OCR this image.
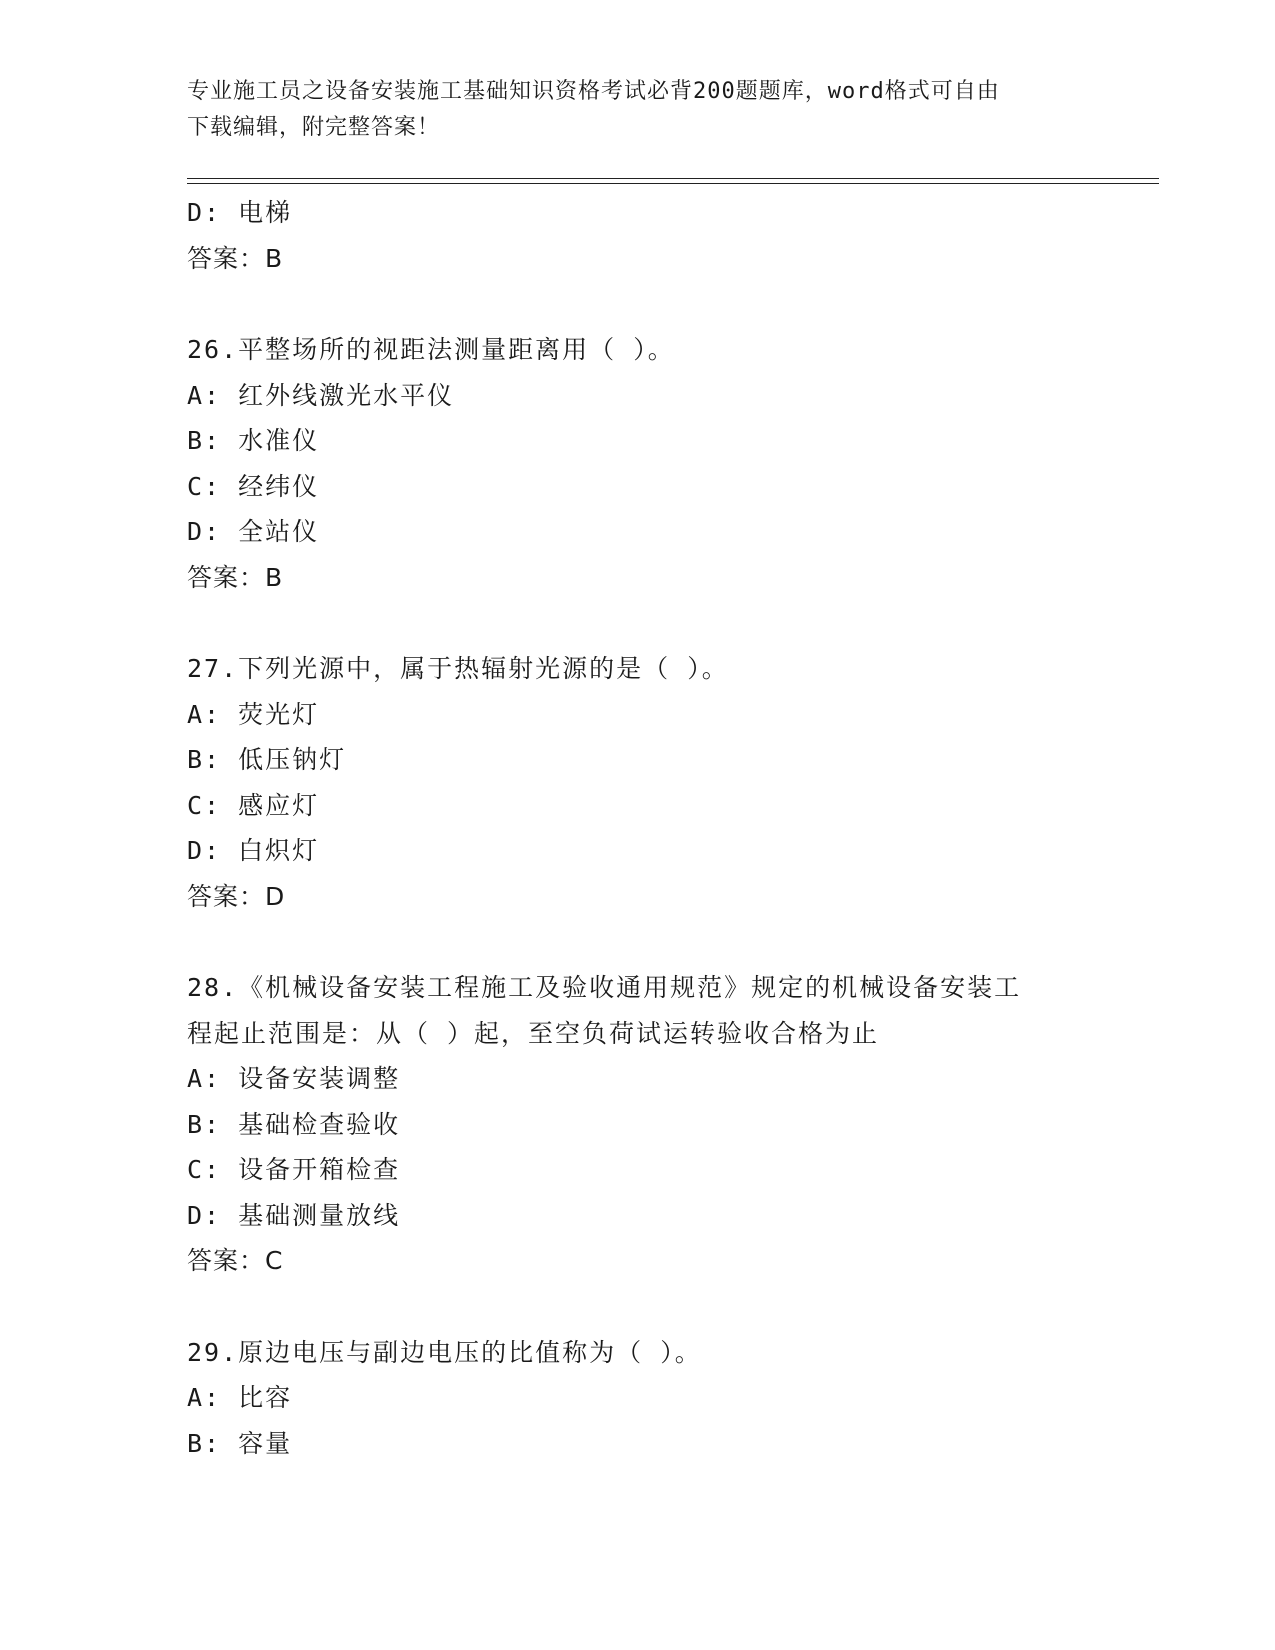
专业施工员之设备安装施工基础知识资格考试必背200题题库，word格式可自由
下载编辑，附完整答案！
D: 电梯
答案：B
26.平整场所的视距法测量距离用（ ）。
A: 红外线激光水平仪
B: 水准仪
C: 经纬仪
D: 全站仪
答案：B
27.下列光源中，属于热辐射光源的是（ ）。
A: 荧光灯
B: 低压钠灯
C: 感应灯
D: 白炽灯
答案：D
28.《机械设备安装工程施工及验收通用规范》规定的机械设备安装工
程起止范围是：从（ ）起，至空负荷试运转验收合格为止
A: 设备安装调整
B: 基础检查验收
C: 设备开箱检查
D: 基础测量放线
答案：C
29.原边电压与副边电压的比值称为（ ）。
A: 比容
B: 容量
